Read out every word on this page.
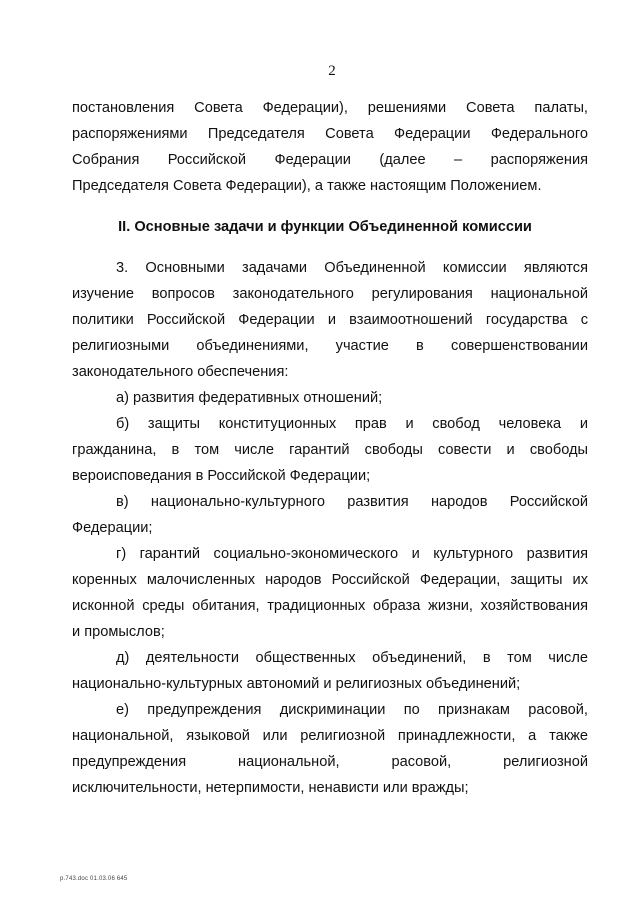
2
постановления Совета Федерации), решениями Совета палаты,
распоряжениями Председателя Совета Федерации Федерального
Собрания Российской Федерации (далее – распоряжения
Председателя Совета Федерации), а также настоящим Положением.
II. Основные задачи и функции Объединенной комиссии
3. Основными задачами Объединенной комиссии являются
изучение вопросов законодательного регулирования национальной
политики Российской Федерации и взаимоотношений государства с
религиозными объединениями, участие в совершенствовании
законодательного обеспечения:
а) развития федеративных отношений;
б) защиты конституционных прав и свобод человека и
гражданина, в том числе гарантий свободы совести и свободы
вероисповедания в Российской Федерации;
в) национально-культурного развития народов Российской
Федерации;
г) гарантий социально-экономического и культурного развития
коренных малочисленных народов Российской Федерации, защиты их
исконной среды обитания, традиционных образа жизни, хозяйствования
и промыслов;
д) деятельности общественных объединений, в том числе
национально-культурных автономий и религиозных объединений;
е) предупреждения дискриминации по признакам расовой,
национальной, языковой или религиозной принадлежности, а также
предупреждения национальной, расовой, религиозной
исключительности, нетерпимости, ненависти или вражды;
p.743.doc 01.03.06 645
